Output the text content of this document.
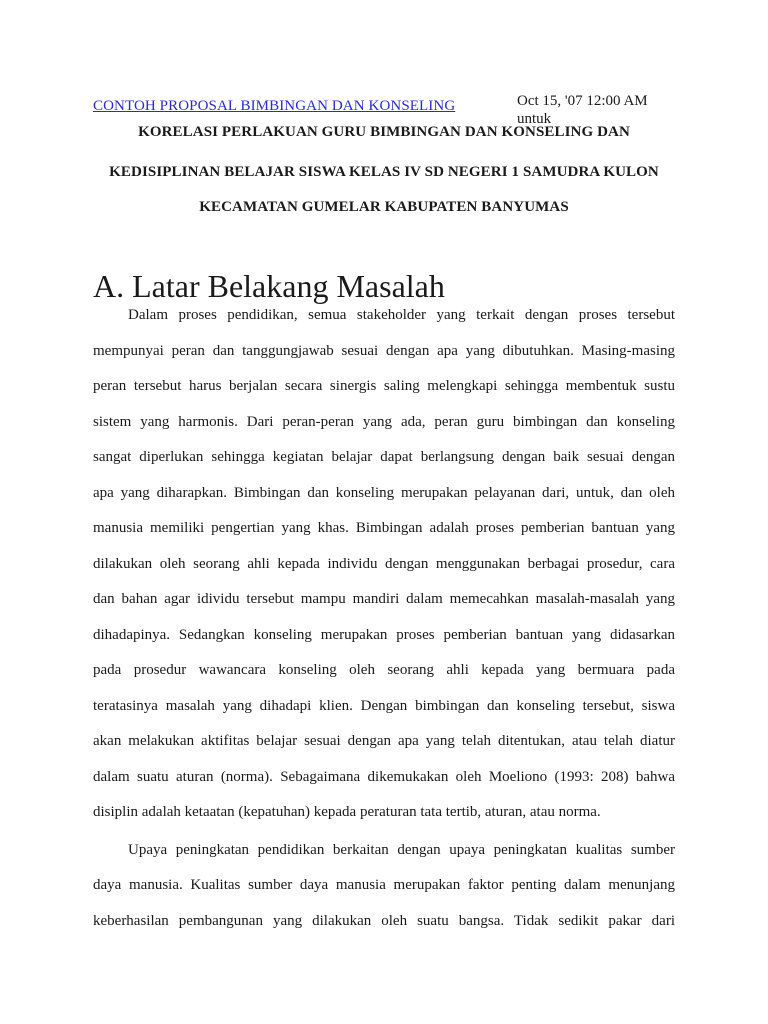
CONTOH PROPOSAL BIMBINGAN DAN KONSELING	Oct 15, '07 12:00 AM
untuk
KORELASI PERLAKUAN GURU BIMBINGAN DAN KONSELING DAN
KEDISIPLINAN BELAJAR SISWA KELAS IV SD NEGERI 1 SAMUDRA KULON
KECAMATAN GUMELAR KABUPATEN BANYUMAS
A. Latar Belakang Masalah
Dalam proses pendidikan, semua stakeholder yang terkait dengan proses tersebut
mempunyai peran dan tanggungjawab sesuai dengan apa yang dibutuhkan. Masing-masing
peran tersebut harus berjalan secara sinergis saling melengkapi sehingga membentuk sustu
sistem yang harmonis. Dari peran-peran yang ada, peran guru bimbingan dan konseling
sangat diperlukan sehingga kegiatan belajar dapat berlangsung dengan baik sesuai dengan
apa yang diharapkan. Bimbingan dan konseling merupakan pelayanan dari, untuk, dan oleh
manusia memiliki pengertian yang khas. Bimbingan adalah proses pemberian bantuan yang
dilakukan oleh seorang ahli kepada individu dengan menggunakan berbagai prosedur, cara
dan bahan agar idividu tersebut mampu mandiri dalam memecahkan masalah-masalah yang
dihadapinya. Sedangkan konseling merupakan proses pemberian bantuan yang didasarkan
pada prosedur wawancara konseling oleh seorang ahli kepada yang bermuara pada
teratasinya masalah yang dihadapi klien. Dengan bimbingan dan konseling tersebut, siswa
akan melakukan aktifitas belajar sesuai dengan apa yang telah ditentukan, atau telah diatur
dalam suatu aturan (norma). Sebagaimana dikemukakan oleh Moeliono (1993: 208) bahwa
disiplin adalah ketaatan (kepatuhan) kepada peraturan tata tertib, aturan, atau norma.
Upaya peningkatan pendidikan berkaitan dengan upaya peningkatan kualitas sumber
daya manusia. Kualitas sumber daya manusia merupakan faktor penting dalam menunjang
keberhasilan pembangunan yang dilakukan oleh suatu bangsa. Tidak sedikit pakar dari
